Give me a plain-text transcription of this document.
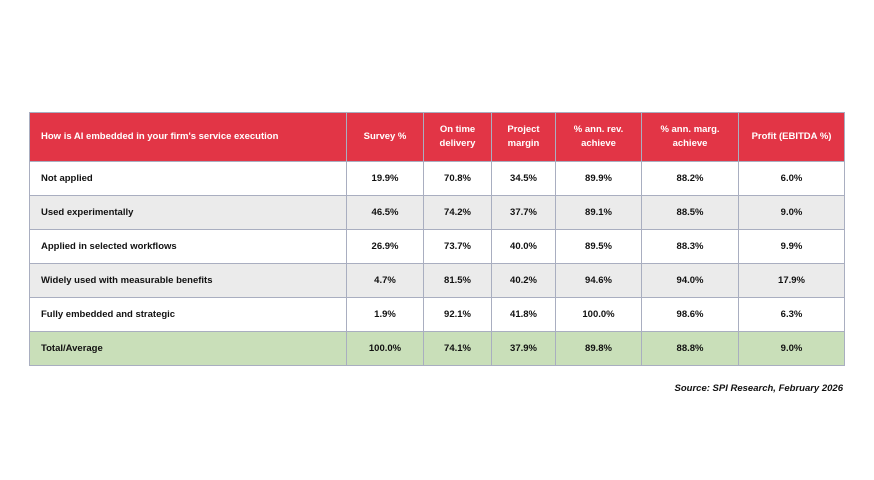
How is AI embedded in your firm's service execution	Survey %	On time delivery	Project margin	% ann. rev. achieve	% ann. marg. achieve	Profit (EBITDA %)
Not applied	19.9%	70.8%	34.5%	89.9%	88.2%	6.0%
Used experimentally	46.5%	74.2%	37.7%	89.1%	88.5%	9.0%
Applied in selected workflows	26.9%	73.7%	40.0%	89.5%	88.3%	9.9%
Widely used with measurable benefits	4.7%	81.5%	40.2%	94.6%	94.0%	17.9%
Fully embedded and strategic	1.9%	92.1%	41.8%	100.0%	98.6%	6.3%
Total/Average	100.0%	74.1%	37.9%	89.8%	88.8%	9.0%
Source: SPI Research, February 2026
